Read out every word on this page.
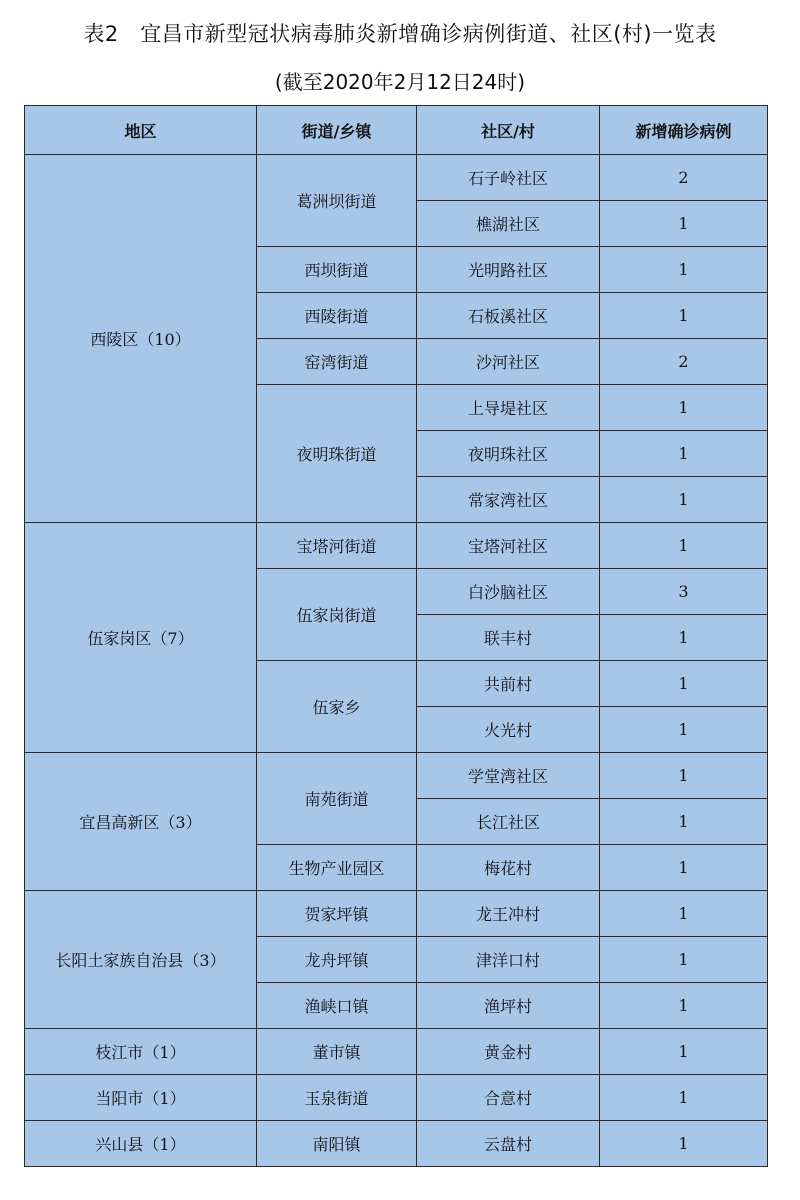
表2　宜昌市新型冠状病毒肺炎新增确诊病例街道、社区(村)一览表
(截至2020年2月12日24时)
地区	街道/乡镇	社区/村	新增确诊病例
西陵区（10）	葛洲坝街道	石子岭社区	2
		樵湖社区	1
	西坝街道	光明路社区	1
	西陵街道	石板溪社区	1
	窑湾街道	沙河社区	2
	夜明珠街道	上导堤社区	1
		夜明珠社区	1
		常家湾社区	1
伍家岗区（7）	宝塔河街道	宝塔河社区	1
	伍家岗街道	白沙脑社区	3
		联丰村	1
	伍家乡	共前村	1
		火光村	1
宜昌高新区（3）	南苑街道	学堂湾社区	1
		长江社区	1
	生物产业园区	梅花村	1
长阳土家族自治县（3）	贺家坪镇	龙王冲村	1
	龙舟坪镇	津洋口村	1
	渔峡口镇	渔坪村	1
枝江市（1）	董市镇	黄金村	1
当阳市（1）	玉泉街道	合意村	1
兴山县（1）	南阳镇	云盘村	1
